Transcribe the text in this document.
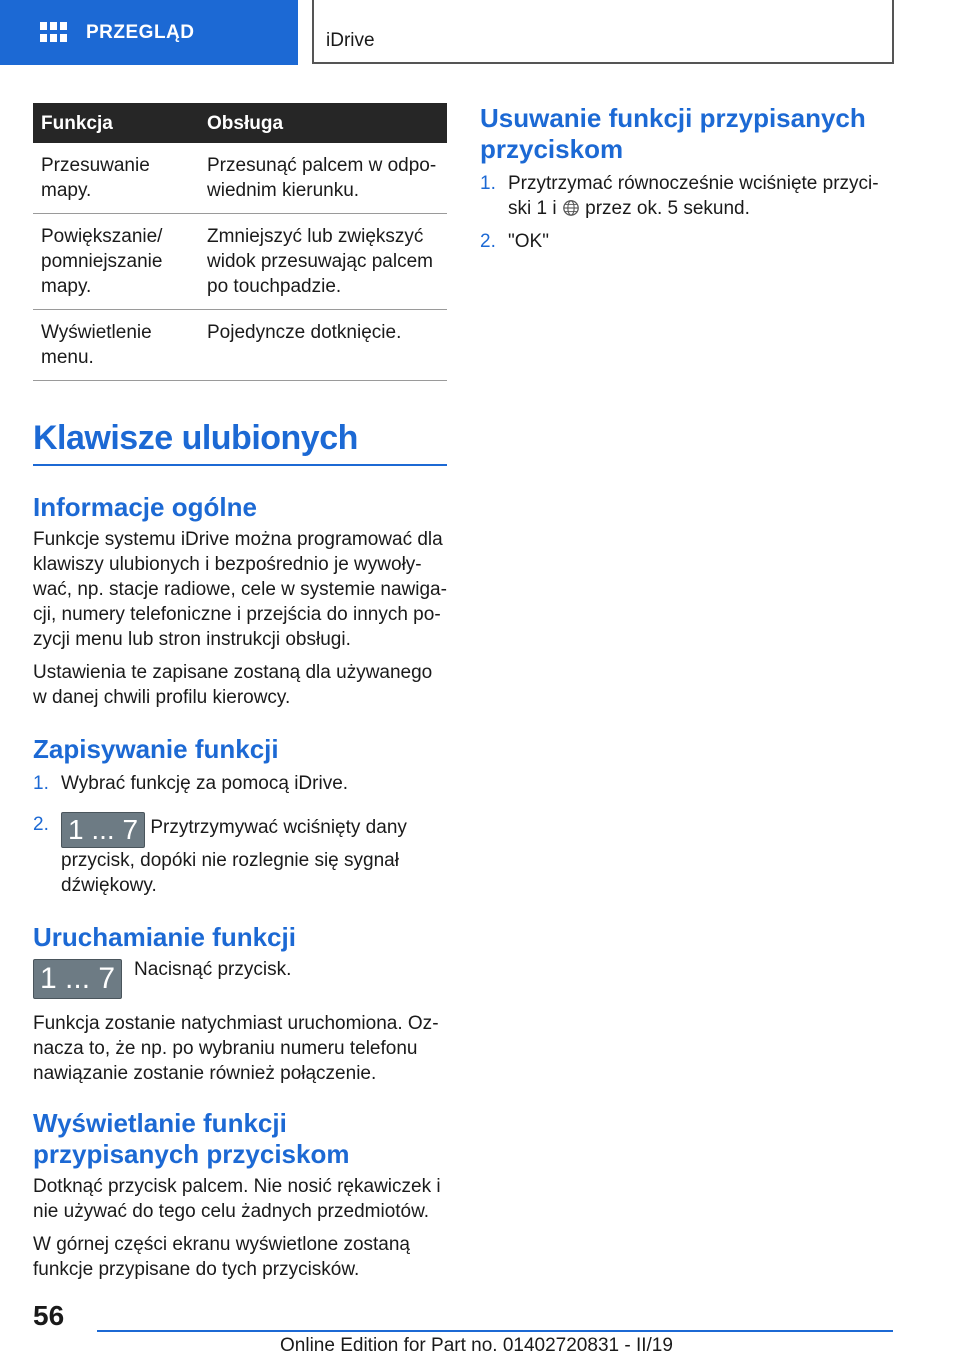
PRZEGLĄD	iDrive
Funkcja	Obsługa
Przesuwanie mapy.	Przesunąć palcem w odpowiednim kierunku.
Powiększanie/ pomniejszanie mapy.	Zmniejszyć lub zwiększyć widok przesuwając palcem po touchpadzie.
Wyświetlenie menu.	Pojedyncze dotknięcie.
Klawisze ulubionych
Informacje ogólne

Funkcje systemu iDrive można programować dla klawiszy ulubionych i bezpośrednio je wywoływać, np. stacje radiowe, cele w systemie nawigacji, numery telefoniczne i przejścia do innych pozycji menu lub stron instrukcji obsługi.

Ustawienia te zapisane zostaną dla używanego w danej chwili profilu kierowcy.

Zapisywanie funkcji
1. Wybrać funkcję za pomocą iDrive.
2. 1 ... 7 Przytrzymywać wciśnięty dany przycisk, dopóki nie rozlegnie się sygnał dźwiękowy.
Uruchamianie funkcji
1 ... 7	Nacisnąć przycisk.

Funkcja zostanie natychmiast uruchomiona. Oznacza to, że np. po wybraniu numeru telefonu nawiązanie zostanie również połączenie.

Wyświetlanie funkcji przypisanych przyciskom

Dotknąć przycisk palcem. Nie nosić rękawiczek i nie używać do tego celu żadnych przedmiotów.

W górnej części ekranu wyświetlone zostaną funkcje przypisane do tych przycisków.

Usuwanie funkcji przypisanych przyciskom
1. Przytrzymać równocześnie wciśnięte przyciski 1 i  przez ok. 5 sekund.
2. "OK"
56
Online Edition for Part no. 01402720831 - II/19
